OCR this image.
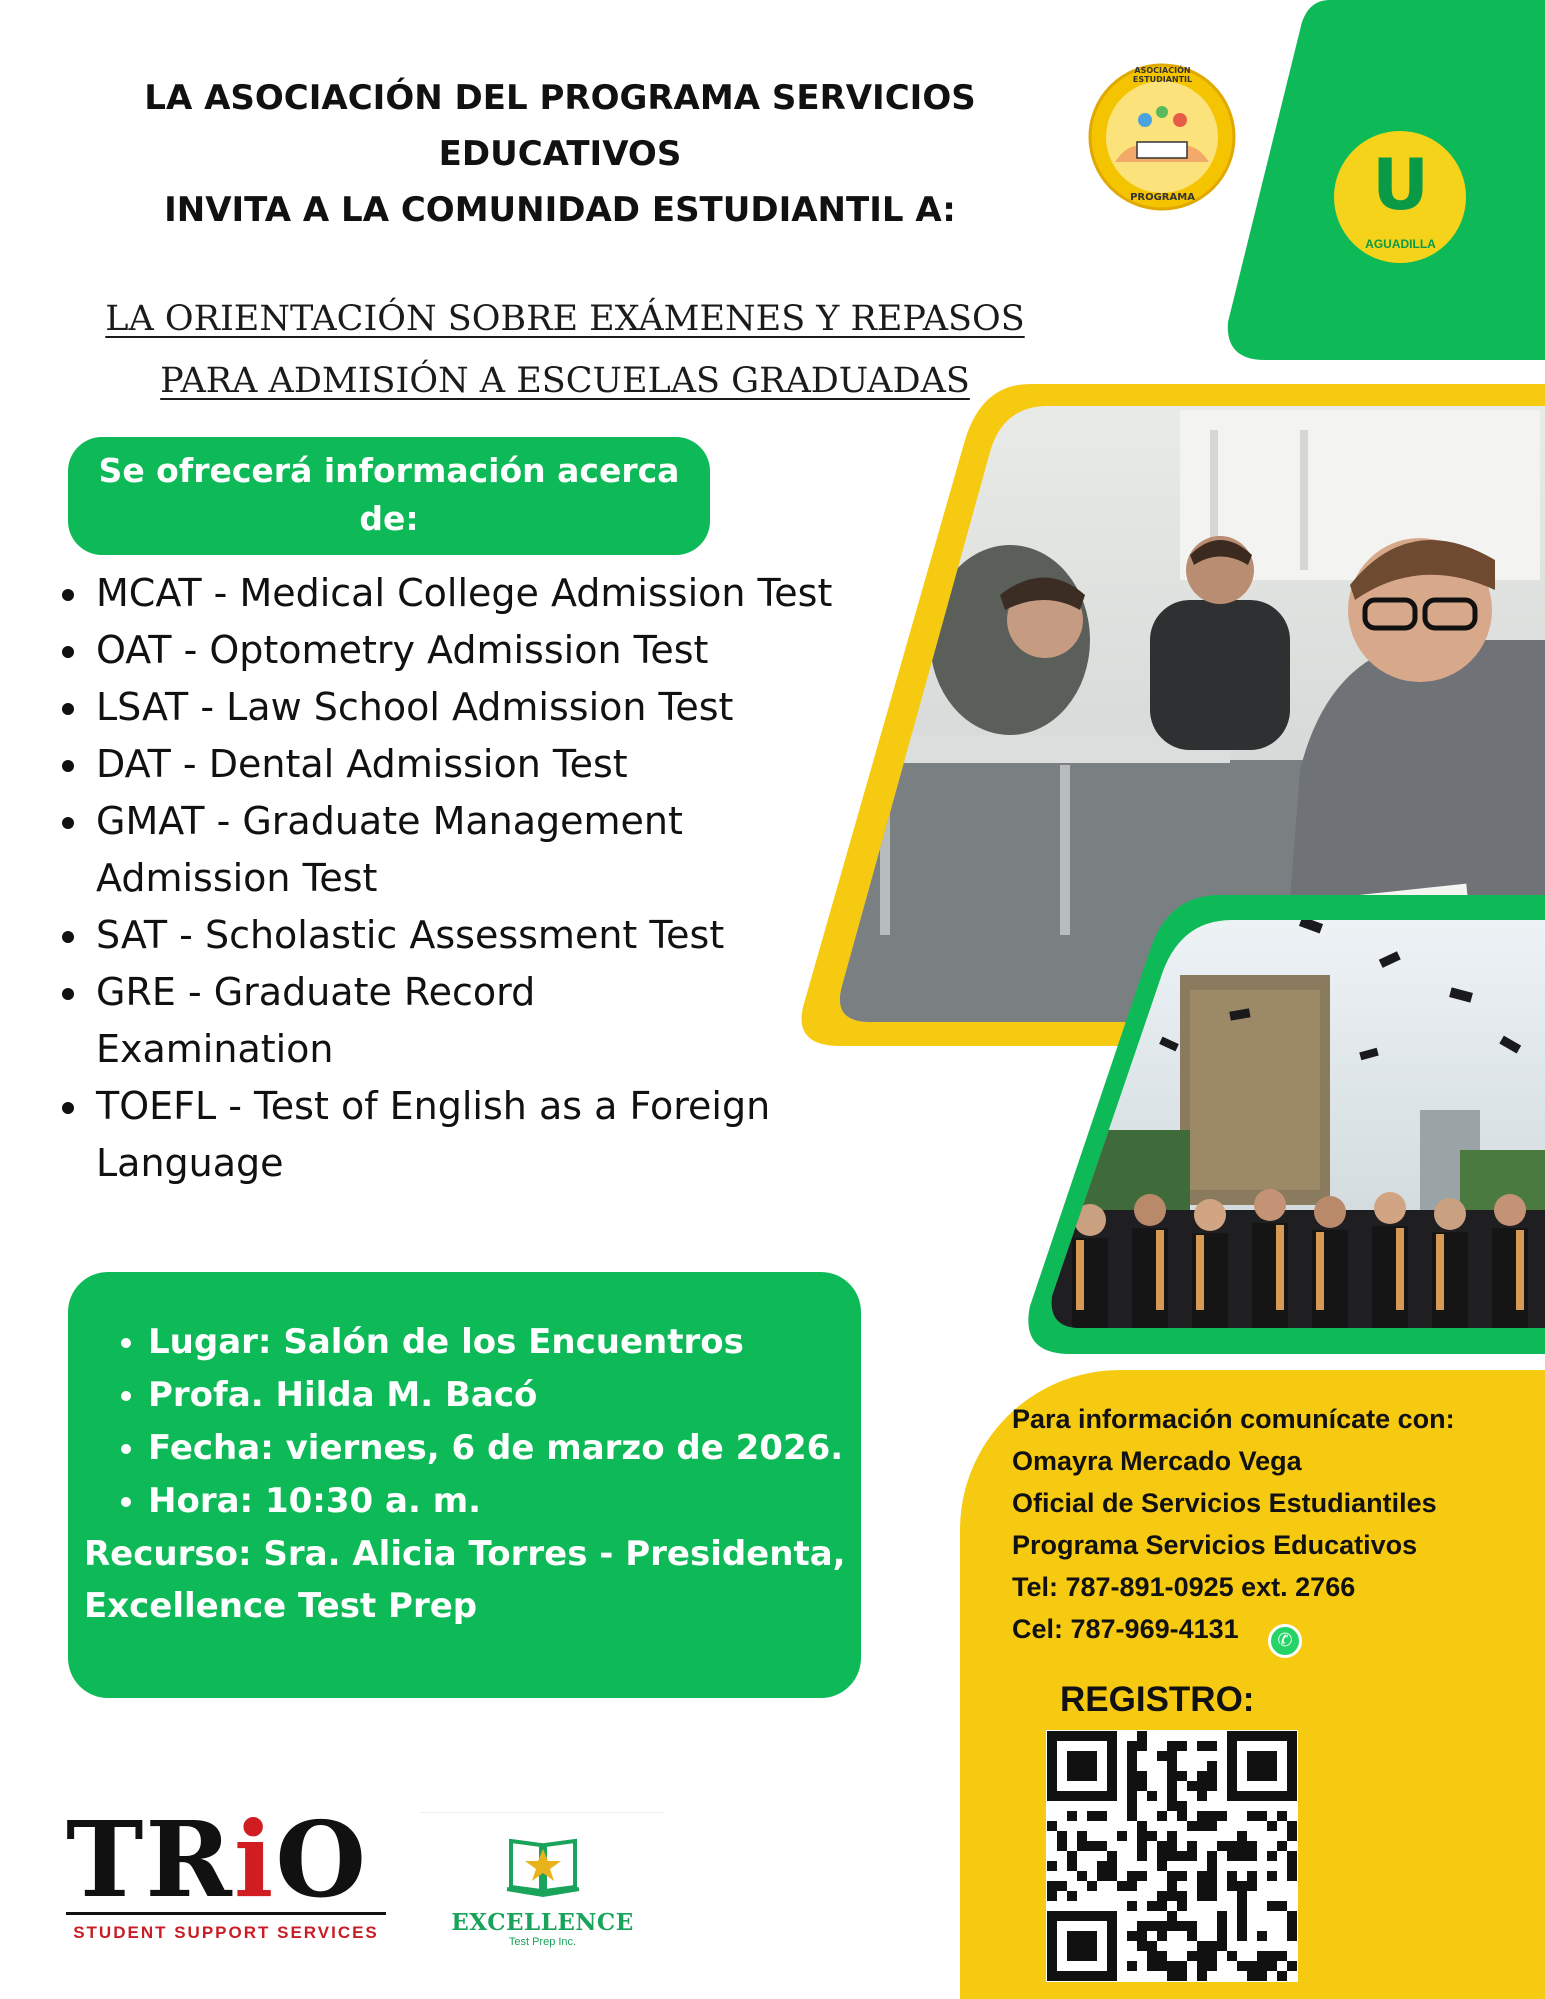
ASOCIACIÓN ESTUDIANTIL
PROGRAMA	U
AGUADILLA
LA ASOCIACIÓN DEL PROGRAMA SERVICIOS
EDUCATIVOS
INVITA A LA COMUNIDAD ESTUDIANTIL A:
LA ORIENTACIÓN SOBRE EXÁMENES Y REPASOS
PARA ADMISIÓN A ESCUELAS GRADUADAS
Se ofrecerá información acerca
de:
• MCAT - Medical College Admission Test
• OAT - Optometry Admission Test
• LSAT - Law School Admission Test
• DAT - Dental Admission Test
• GMAT - Graduate Management Admission Test
• SAT - Scholastic Assessment Test
• GRE - Graduate Record Examination
• TOEFL - Test of English as a Foreign Language
• Lugar: Salón de los Encuentros
• Profa. Hilda M. Bacó
• Fecha: viernes, 6 de marzo de 2026.
• Hora: 10:30 a. m.
Recurso: Sra. Alicia Torres - Presidenta,
Excellence Test Prep
Para información comunícate con:
Omayra Mercado Vega
Oficial de Servicios Estudiantiles
Programa Servicios Educativos
Tel: 787-891-0925 ext. 2766
Cel: 787-969-4131	✆
REGISTRO:
TRiO
STUDENT SUPPORT SERVICES	EXCELLENCE
Test Prep Inc.
